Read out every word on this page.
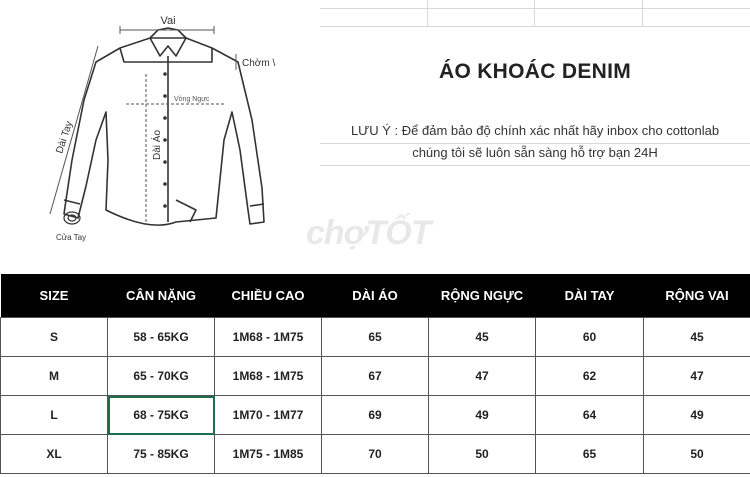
Vai
Chờm \
Vòng Ngực
Dài Áo
Dài Tay
Cửa Tay
ÁO KHOÁC DENIM
LƯU Ý : Để đảm bảo độ chính xác nhất hãy inbox cho cottonlab
chúng tôi sẽ luôn sẵn sàng hỗ trợ bạn 24H
chợTỐT
SIZE	CÂN NẶNG	CHIỀU CAO	DÀI ÁO	RỘNG NGỰC	DÀI TAY	RỘNG VAI
S	58 - 65KG	1M68 - 1M75	65	45	60	45
M	65 - 70KG	1M68 - 1M75	67	47	62	47
L	68 - 75KG	1M70 - 1M77	69	49	64	49
XL	75 - 85KG	1M75 - 1M85	70	50	65	50
